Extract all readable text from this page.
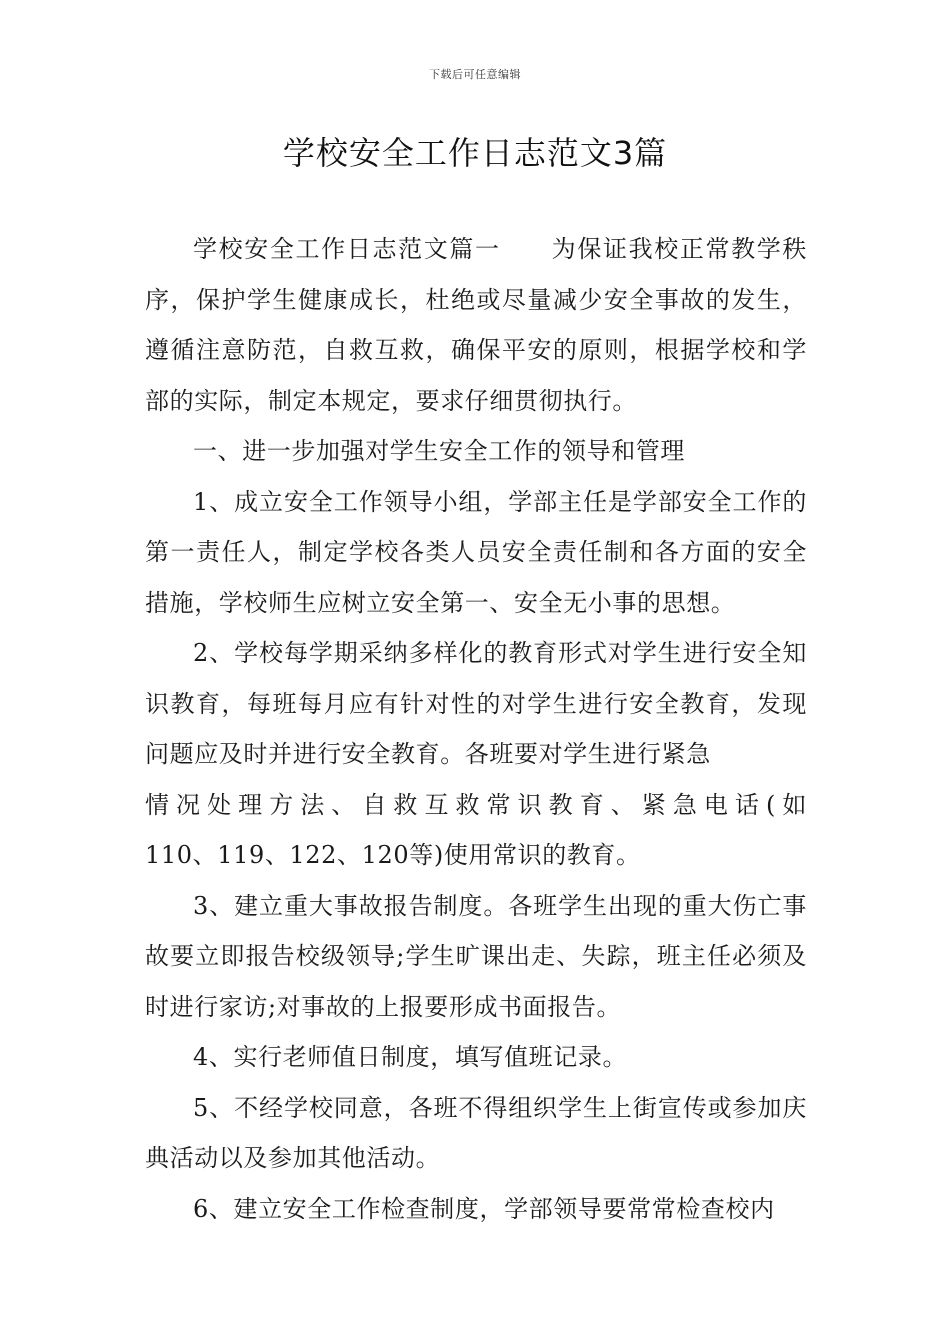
下载后可任意编辑
学校安全工作日志范文3篇

学校安全工作日志范文篇一 为保证我校正常教学秩序，保护学生健康成长，杜绝或尽量减少安全事故的发生，遵循注意防范，自救互救，确保平安的原则，根据学校和学部的实际，制定本规定，要求仔细贯彻执行。

一、进一步加强对学生安全工作的领导和管理

1、成立安全工作领导小组，学部主任是学部安全工作的第一责任人，制定学校各类人员安全责任制和各方面的安全措施，学校师生应树立安全第一、安全无小事的思想。

2、学校每学期采纳多样化的教育形式对学生进行安全知识教育，每班每月应有针对性的对学生进行安全教育，发现问题应及时并进行安全教育。各班要对学生进行紧急

情况处理方法、自救互救常识教育、紧急电话(如

110、119、122、120等)使用常识的教育。

3、建立重大事故报告制度。各班学生出现的重大伤亡事故要立即报告校级领导;学生旷课出走、失踪，班主任必须及时进行家访;对事故的上报要形成书面报告。

4、实行老师值日制度，填写值班记录。

5、不经学校同意，各班不得组织学生上街宣传或参加庆典活动以及参加其他活动。

6、建立安全工作检查制度，学部领导要常常检查校内
